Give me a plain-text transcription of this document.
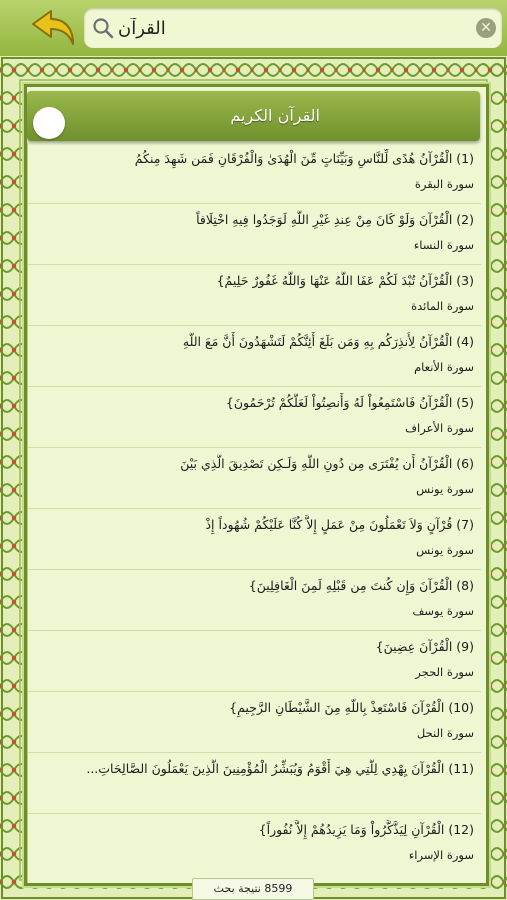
القرآن
✕
القرآن الكريم
(1) الْقُرْآنُ هُدًى لِّلنَّاسِ وَبَيِّنَاتٍ مِّنَ الْهُدَىٰ وَالْفُرْقَانِ فَمَن شَهِدَ مِنكُمُ
سورة البقرة
(2) الْقُرْآنَ وَلَوْ كَانَ مِنْ عِندِ غَيْرِ اللَّهِ لَوَجَدُوا فِيهِ اخْتِلَافاً
سورة النساء
(3) الْقُرْآنُ تُبْدَ لَكُمْ عَفَا اللَّهُ عَنْهَا وَاللَّهُ غَفُورٌ حَلِيمٌ}
سورة المائدة
(4) الْقُرْآنُ لِأُنذِرَكُم بِهِ وَمَن بَلَغَ أَئِنَّكُمْ لَتَشْهَدُونَ أَنَّ مَعَ اللَّهِ
سورة الأنعام
(5) الْقُرْآنُ فَاسْتَمِعُواْ لَهُ وَأَنصِتُواْ لَعَلَّكُمْ تُرْحَمُونَ}
سورة الأعراف
(6) الْقُرْآنُ أَن يُفْتَرَى مِن دُونِ اللَّهِ وَلَـكِن تَصْدِيقَ الَّذِي بَيْنَ
سورة يونس
(7) قُرْآنٍ وَلاَ تَعْمَلُونَ مِنْ عَمَلٍ إِلاَّ كُنَّا عَلَيْكُمْ شُهُوداً إِذْ
سورة يونس
(8) الْقُرْآنَ وَإِن كُنتَ مِن قَبْلِهِ لَمِنَ الْغَافِلِينَ}
سورة يوسف
(9) الْقُرْآنَ عِضِينَ}
سورة الحجر
(10) الْقُرْآنَ فَاسْتَعِذْ بِاللّهِ مِنَ الشَّيْطَانِ الرَّجِيمِ}
سورة النحل
(11) الْقُرْآنَ يِهْدِي لِلَّتِي هِيَ أَقْوَمُ وَيُبَشِّرُ الْمُؤْمِنِينَ الَّذِينَ يَعْمَلُونَ الصَّالِحَاتِ...
(12) الْقُرْآنِ لِيَذَّكَّرُواْ وَمَا يَزِيدُهُمْ إِلاَّ نُفُوراً}
سورة الإسراء
8599 نتيجة بحث
